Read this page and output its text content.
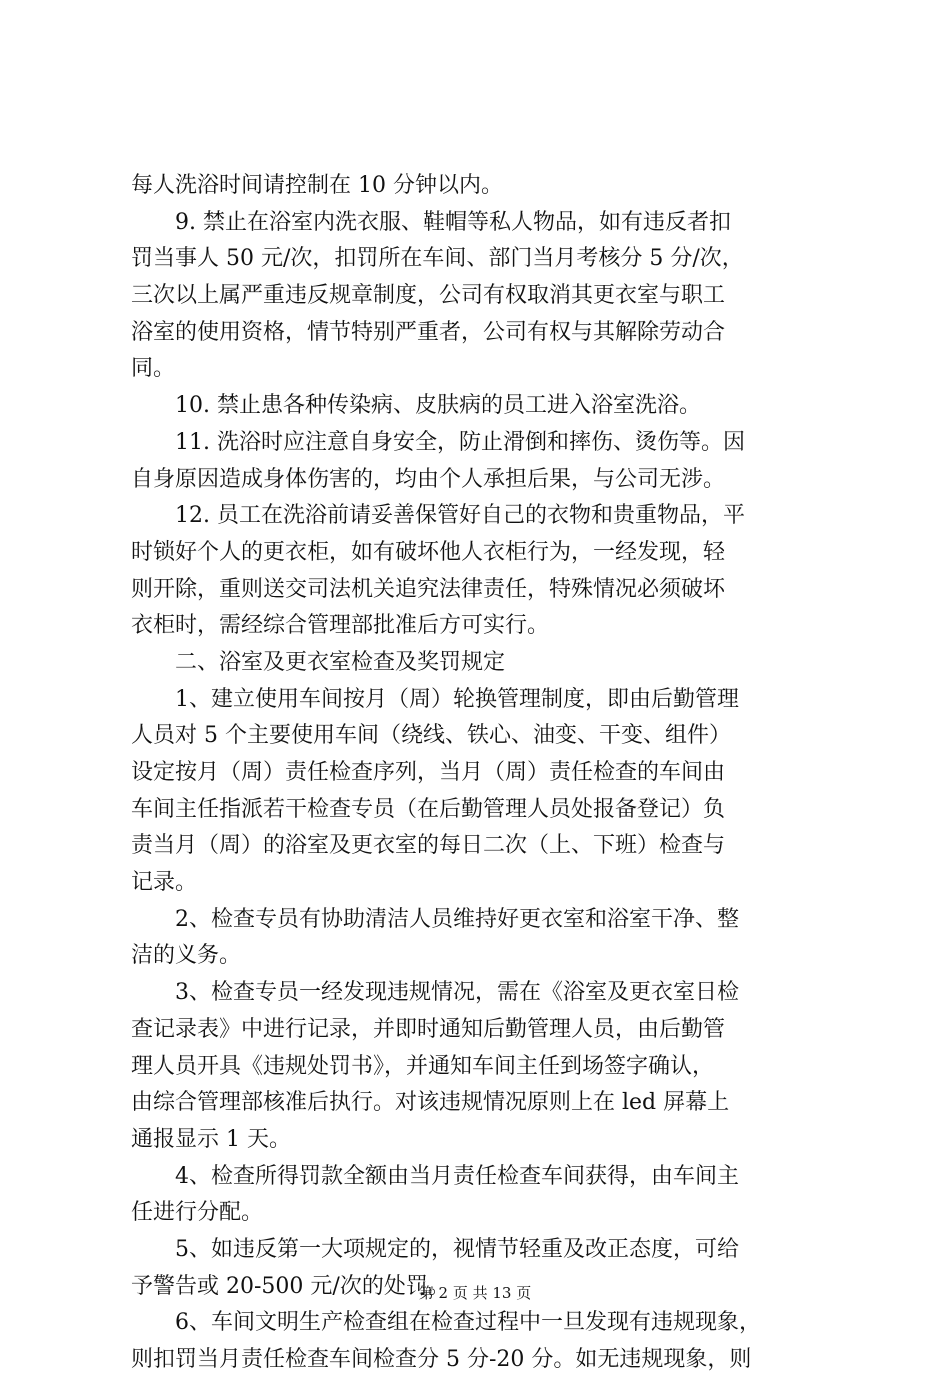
每人洗浴时间请控制在 10 分钟以内。
9. 禁止在浴室内洗衣服、鞋帽等私人物品，如有违反者扣
罚当事人 50 元/次，扣罚所在车间、部门当月考核分 5 分/次，
三次以上属严重违反规章制度，公司有权取消其更衣室与职工
浴室的使用资格，情节特别严重者，公司有权与其解除劳动合
同。
10. 禁止患各种传染病、皮肤病的员工进入浴室洗浴。
11. 洗浴时应注意自身安全，防止滑倒和摔伤、烫伤等。因
自身原因造成身体伤害的，均由个人承担后果，与公司无涉。
12. 员工在洗浴前请妥善保管好自己的衣物和贵重物品，平
时锁好个人的更衣柜，如有破坏他人衣柜行为，一经发现，轻
则开除，重则送交司法机关追究法律责任，特殊情况必须破坏
衣柜时，需经综合管理部批准后方可实行。
二、浴室及更衣室检查及奖罚规定
1、建立使用车间按月（周）轮换管理制度，即由后勤管理
人员对 5 个主要使用车间（绕线、铁心、油变、干变、组件）
设定按月（周）责任检查序列，当月（周）责任检查的车间由
车间主任指派若干检查专员（在后勤管理人员处报备登记）负
责当月（周）的浴室及更衣室的每日二次（上、下班）检查与
记录。
2、检查专员有协助清洁人员维持好更衣室和浴室干净、整
洁的义务。
3、检查专员一经发现违规情况，需在《浴室及更衣室日检
查记录表》中进行记录，并即时通知后勤管理人员，由后勤管
理人员开具《违规处罚书》，并通知车间主任到场签字确认，
由综合管理部核准后执行。对该违规情况原则上在 led 屏幕上
通报显示 1 天。
4、检查所得罚款全额由当月责任检查车间获得，由车间主
任进行分配。
5、如违反第一大项规定的，视情节轻重及改正态度，可给
予警告或 20-500 元/次的处罚。
6、车间文明生产检查组在检查过程中一旦发现有违规现象，
则扣罚当月责任检查车间检查分 5 分-20 分。如无违规现象，则
第 2 页 共 13 页
